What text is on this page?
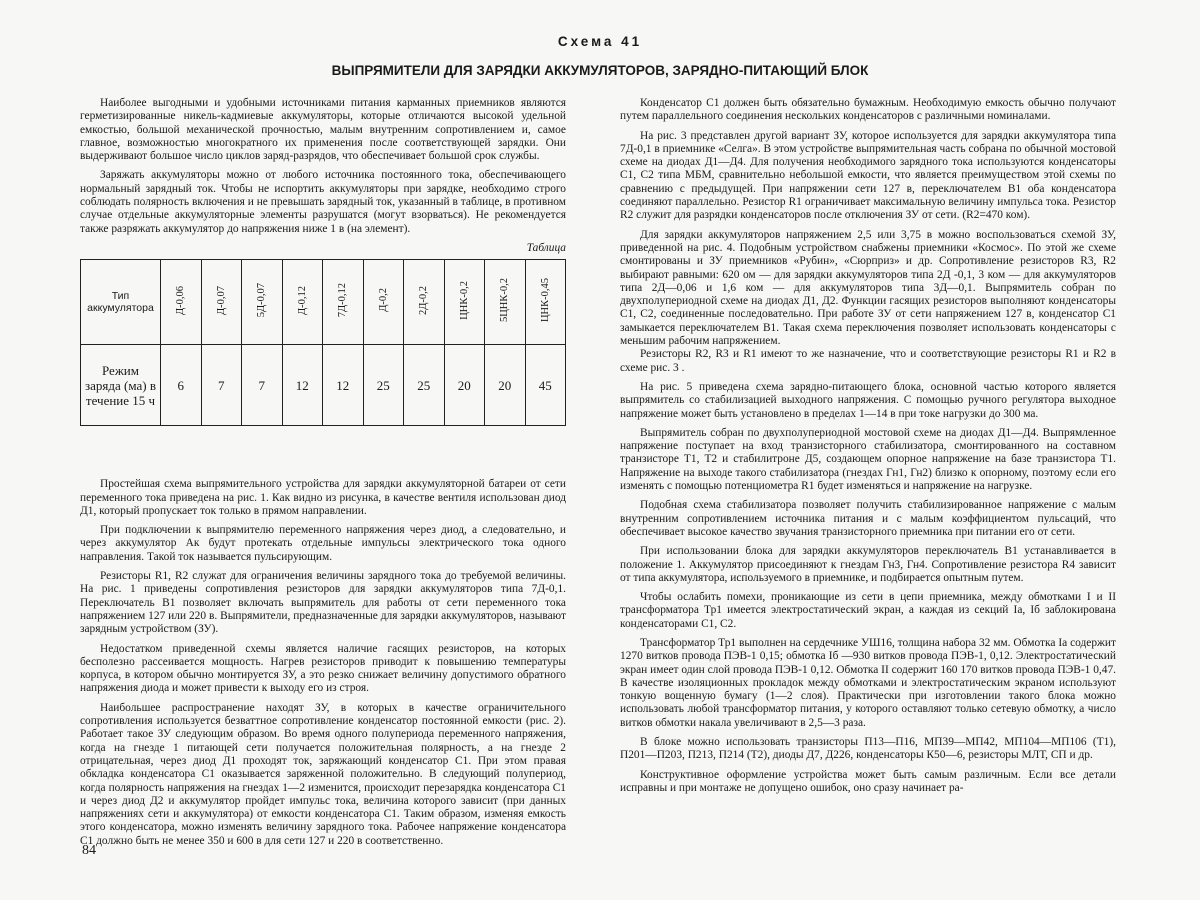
Схема 41
ВЫПРЯМИТЕЛИ ДЛЯ ЗАРЯДКИ АККУМУЛЯТОРОВ, ЗАРЯДНО-ПИТАЮЩИЙ БЛОК

Наиболее выгодными и удобными источниками питания карманных приемников являются герметизированные никель-кадмиевые аккумуляторы, которые отличаются высокой удельной емкостью, большой механической прочностью, малым внутренним сопротивлением и, самое главное, возможностью многократного их применения после соответствующей зарядки. Они выдерживают большое число циклов заряд-разрядов, что обеспечивает большой срок службы.

Заряжать аккумуляторы можно от любого источника постоянного тока, обеспечивающего нормальный зарядный ток. Чтобы не испортить аккумуляторы при зарядке, необходимо строго соблюдать полярность включения и не превышать зарядный ток, указанный в таблице, в противном случае отдельные аккумуляторные элементы разрушатся (могут взорваться). Не рекомендуется также разряжать аккумулятор до напряжения ниже 1 в (на элемент).

Таблица
Тип аккумулятора	Д-0,06	Д-0,07	5Д-0,07	Д-0,12	7Д-0,12	Д-0,2	2Д-0,2	ЦНК-0,2	5ЦНК-0,2	ЦНК-0,45
Режим заряда (ма) в течение 15 ч	6	7	7	12	12	25	25	20	20	45

Простейшая схема выпрямительного устройства для зарядки аккумуляторной батареи от сети переменного тока приведена на рис. 1. Как видно из рисунка, в качестве вентиля использован диод Д1, который пропускает ток только в прямом направлении.

При подключении к выпрямителю переменного напряжения через диод, а следовательно, и через аккумулятор Ак будут протекать отдельные импульсы электрического тока одного направления. Такой ток называется пульсирующим.

Резисторы R1, R2 служат для ограничения величины зарядного тока до требуемой величины. На рис. 1 приведены сопротивления резисторов для зарядки аккумуляторов типа 7Д-0,1. Переключатель В1 позволяет включать выпрямитель для работы от сети переменного тока напряжением 127 или 220 в. Выпрямители, предназначенные для зарядки аккумуляторов, называют зарядным устройством (ЗУ).

Недостатком приведенной схемы является наличие гасящих резисторов, на которых бесполезно рассеивается мощность. Нагрев резисторов приводит к повышению температуры корпуса, в котором обычно монтируется ЗУ, а это резко снижает величину допустимого обратного напряжения диода и может привести к выходу его из строя.

Наибольшее распространение находят ЗУ, в которых в качестве ограничительного сопротивления используется безваттное сопротивление конденсатор постоянной емкости (рис. 2). Работает такое ЗУ следующим образом. Во время одного полупериода переменного напряжения, когда на гнезде 1 питающей сети получается положительная полярность, а на гнезде 2 отрицательная, через диод Д1 проходят ток, заряжающий конденсатор С1. При этом правая обкладка конденсатора С1 оказывается заряженной положительно. В следующий полупериод, когда полярность напряжения на гнездах 1—2 изменится, происходит перезарядка конденсатора С1 и через диод Д2 и аккумулятор пройдет импульс тока, величина которого зависит (при данных напряжениях сети и аккумулятора) от емкости конденсатора С1. Таким образом, изменяя емкость этого конденсатора, можно изменять величину зарядного тока. Рабочее напряжение конденсатора С1 должно быть не менее 350 и 600 в для сети 127 и 220 в соответственно.

Конденсатор С1 должен быть обязательно бумажным. Необходимую емкость обычно получают путем параллельного соединения нескольких конденсаторов с различными номиналами.

На рис. 3 представлен другой вариант ЗУ, которое используется для зарядки аккумулятора типа 7Д-0,1 в приемнике «Селга». В этом устройстве выпрямительная часть собрана по обычной мостовой схеме на диодах Д1—Д4. Для получения необходимого зарядного тока используются конденсаторы С1, С2 типа МБМ, сравнительно небольшой емкости, что является преимуществом этой схемы по сравнению с предыдущей. При напряжении сети 127 в, переключателем В1 оба конденсатора соединяют параллельно. Резистор R1 ограничивает максимальную величину импульса тока. Резистор R2 служит для разрядки конденсаторов после отключения ЗУ от сети. (R2=470 ком).

Для зарядки аккумуляторов напряжением 2,5 или 3,75 в можно воспользоваться схемой ЗУ, приведенной на рис. 4. Подобным устройством снабжены приемники «Космос». По этой же схеме смонтированы и ЗУ приемников «Рубин», «Сюрприз» и др. Сопротивление резисторов R3, R2 выбирают равными: 620 ом — для зарядки аккумуляторов типа 2Д -0,1, 3 ком — для аккумуляторов типа 2Д—0,06 и 1,6 ком — для аккумуляторов типа 3Д—0,1. Выпрямитель собран по двухполупериодной схеме на диодах Д1, Д2. Функции гасящих резисторов выполняют конденсаторы С1, С2, соединенные последовательно. При работе ЗУ от сети напряжением 127 в, конденсатор С1 замыкается переключателем В1. Такая схема переключения позволяет использовать конденсаторы с меньшим рабочим напряжением.

Резисторы R2, R3 и R1 имеют то же назначение, что и соответствующие резисторы R1 и R2 в схеме рис. 3 .

На рис. 5 приведена схема зарядно-питающего блока, основной частью которого является выпрямитель со стабилизацией выходного напряжения. С помощью ручного регулятора выходное напряжение может быть установлено в пределах 1—14 в при токе нагрузки до 300 ма.

Выпрямитель собран по двухполупериодной мостовой схеме на диодах Д1—Д4. Выпрямленное напряжение поступает на вход транзисторного стабилизатора, смонтированного на составном транзисторе Т1, Т2 и стабилитроне Д5, создающем опорное напряжение на базе транзистора Т1. Напряжение на выходе такого стабилизатора (гнездах Гн1, Гн2) близко к опорному, поэтому если его изменять с помощью потенциометра R1 будет изменяться и напряжение на нагрузке.

Подобная схема стабилизатора позволяет получить стабилизированное напряжение с малым внутренним сопротивлением источника питания и с малым коэффициентом пульсаций, что обеспечивает высокое качество звучания транзисторного приемника при питании его от сети.

При использовании блока для зарядки аккумуляторов переключатель В1 устанавливается в положение 1. Аккумулятор присоединяют к гнездам Гн3, Гн4. Сопротивление резистора R4 зависит от типа аккумулятора, используемого в приемнике, и подбирается опытным путем.

Чтобы ослабить помехи, проникающие из сети в цепи приемника, между обмотками I и II трансформатора Тр1 имеется электростатический экран, а каждая из секций Iа, Iб заблокирована конденсаторами С1, С2.

Трансформатор Тр1 выполнен на сердечнике УШ16, толщина набора 32 мм. Обмотка Iа содержит 1270 витков провода ПЭВ-1 0,15; обмотка Iб —930 витков провода ПЭВ-1, 0,12. Электростатический экран имеет один слой провода ПЭВ-1 0,12. Обмотка II содержит 160 170 витков провода ПЭВ-1 0,47. В качестве изоляционных прокладок между обмотками и электростатическим экраном используют тонкую вощенную бумагу (1—2 слоя). Практически при изготовлении такого блока можно использовать любой трансформатор питания, у которого оставляют только сетевую обмотку, а число витков обмотки накала увеличивают в 2,5—3 раза.

В блоке можно использовать транзисторы П13—П16, МП39—МП42, МП104—МП106 (Т1), П201—П203, П213, П214 (Т2), диоды Д7, Д226, конденсаторы К50—6, резисторы МЛТ, СП и др.

Конструктивное оформление устройства может быть самым различным. Если все детали исправны и при монтаже не допущено ошибок, оно сразу начинает ра-

84
